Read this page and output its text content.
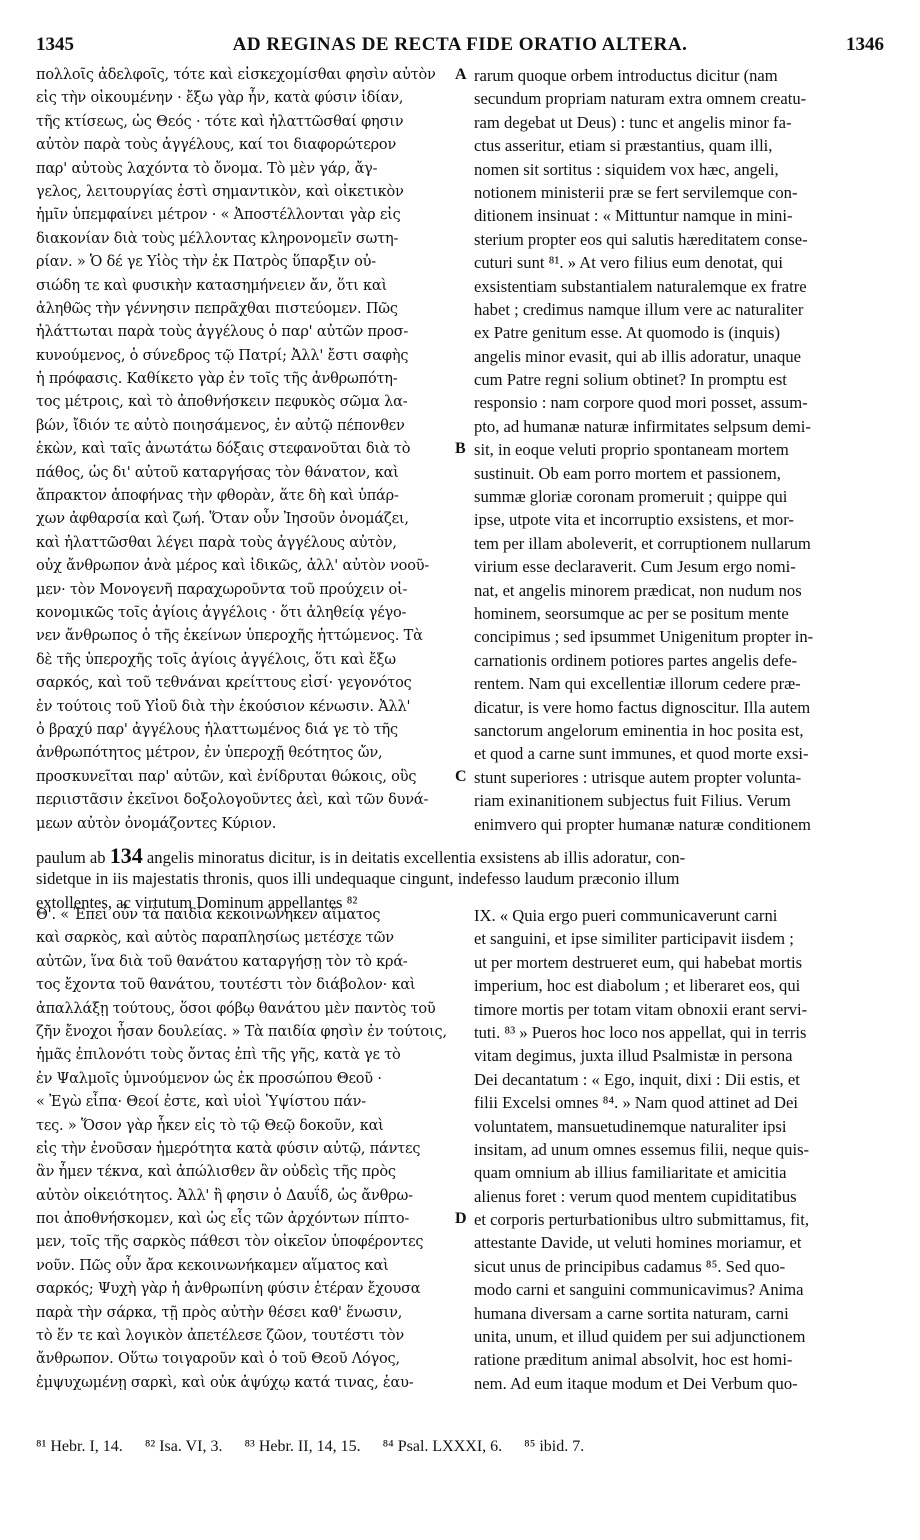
1345	AD REGINAS DE RECTA FIDE ORATIO ALTERA.	1346
πολλοῖς ἀδελφοῖς, τότε καὶ εἰσκεχομίσθαι φησὶν αὐτὸν
εἰς τὴν οἰκουμένην · ἔξω γὰρ ἦν, κατὰ φύσιν ἰδίαν,
τῆς κτίσεως, ὡς Θεός · τότε καὶ ἠλαττῶσθαί φησιν
αὐτὸν παρὰ τοὺς ἀγγέλους, καί τοι διαφορώτερον
παρ' αὐτοὺς λαχόντα τὸ ὄνομα. Τὸ μὲν γάρ, ἄγ-
γελος, λειτουργίας ἐστὶ σημαντικὸν, καὶ οἰκετικὸν
ἡμῖν ὑπεμφαίνει μέτρον · « Ἀποστέλλονται γὰρ εἰς
διακονίαν διὰ τοὺς μέλλοντας κληρονομεῖν σωτη-
ρίαν. » Ὁ δέ γε Υἱὸς τὴν ἐκ Πατρὸς ὕπαρξιν οὐ-
σιώδη τε καὶ φυσικὴν κατασημήνειεν ἄν, ὅτι καὶ
ἀληθῶς τὴν γέννησιν πεπρᾶχθαι πιστεύομεν. Πῶς
ἠλάττωται παρὰ τοὺς ἀγγέλους ὁ παρ' αὐτῶν προσ-
κυνούμενος, ὁ σύνεδρος τῷ Πατρί; Ἀλλ' ἔστι σαφὴς
ἡ πρόφασις. Καθίκετο γὰρ ἐν τοῖς τῆς ἀνθρωπότη-
τος μέτροις, καὶ τὸ ἀποθνήσκειν πεφυκὸς σῶμα λα-
βών, ἴδιόν τε αὐτὸ ποιησάμενος, ἐν αὐτῷ πέπονθεν
ἑκὼν, καὶ ταῖς ἀνωτάτω δόξαις στεφανοῦται διὰ τὸ
πάθος, ὡς δι' αὐτοῦ καταργήσας τὸν θάνατον, καὶ
ἄπρακτον ἀποφήνας τὴν φθορὰν, ἅτε δὴ καὶ ὑπάρ-
χων ἀφθαρσία καὶ ζωή. Ὅταν οὖν Ἰησοῦν ὀνομάζει,
καὶ ἠλαττῶσθαι λέγει παρὰ τοὺς ἀγγέλους αὐτὸν,
οὐχ ἄνθρωπον ἀνὰ μέρος καὶ ἰδικῶς, ἀλλ' αὐτὸν νοοῦ-
μεν· τὸν Μονογενῆ παραχωροῦντα τοῦ προύχειν οἰ-
κονομικῶς τοῖς ἁγίοις ἀγγέλοις · ὅτι ἀληθείᾳ γέγο-
νεν ἄνθρωπος ὁ τῆς ἐκείνων ὑπεροχῆς ἡττώμενος. Τὰ
δὲ τῆς ὑπεροχῆς τοῖς ἁγίοις ἀγγέλοις, ὅτι καὶ ἔξω
σαρκός, καὶ τοῦ τεθνάναι κρείττους εἰσί· γεγονότος
ἐν τούτοις τοῦ Υἱοῦ διὰ τὴν ἑκούσιον κένωσιν. Ἀλλ'
ὁ βραχύ παρ' ἀγγέλους ἠλαττωμένος διά γε τὸ τῆς
ἀνθρωπότητος μέτρον, ἐν ὑπεροχῇ θεότητος ὤν,
προσκυνεῖται παρ' αὐτῶν, καὶ ἐνίδρυται θώκοις, οὓς
περιιστᾶσιν ἐκεῖνοι δοξολογοῦντες ἀεὶ, καὶ τῶν δυνά-
μεων αὐτὸν ὀνομάζοντες Κύριον.
rarum quoque orbem introductus dicitur (nam
secundum propriam naturam extra omnem creatu-
ram degebat ut Deus) : tunc et angelis minor fa-
ctus asseritur, etiam si præstantius, quam illi,
nomen sit sortitus : siquidem vox hæc, angeli,
notionem ministerii præ se fert servilemque con-
ditionem insinuat : « Mittuntur namque in mini-
sterium propter eos qui salutis hæreditatem conse-
cuturi sunt ⁸¹. » At vero filius eum denotat, qui
exsistentiam substantialem naturalemque ex fratre
habet ; credimus namque illum vere ac naturaliter
ex Patre genitum esse. At quomodo is (inquis)
angelis minor evasit, qui ab illis adoratur, unaque
cum Patre regni solium obtinet? In promptu est
responsio : nam corpore quod mori posset, assum-
pto, ad humanæ naturæ infirmitates selpsum demi-
sit, in eoque veluti proprio spontaneam mortem
sustinuit. Ob eam porro mortem et passionem,
summæ gloriæ coronam promeruit ; quippe qui
ipse, utpote vita et incorruptio exsistens, et mor-
tem per illam aboleverit, et corruptionem nullarum
virium esse declaraverit. Cum Jesum ergo nomi-
nat, et angelis minorem prædicat, non nudum nos
hominem, seorsumque ac per se positum mente
concipimus ; sed ipsummet Unigenitum propter in-
carnationis ordinem potiores partes angelis defe-
rentem. Nam qui excellentiæ illorum cedere præ-
dicatur, is vere homo factus dignoscitur. Illa autem
sanctorum angelorum eminentia in hoc posita est,
et quod a carne sunt immunes, et quod morte exsi-
stunt superiores : utrisque autem propter volunta-
riam exinanitionem subjectus fuit Filius. Verum
enimvero qui propter humanæ naturæ conditionem
A
B
C
D
paulum ab 134 angelis minoratus dicitur, is in deitatis excellentia exsistens ab illis adoratur, con-
sidetque in iis majestatis thronis, quos illi undequaque cingunt, indefesso laudum præconio illum
extollentes, ac virtutum Dominum appellantes ⁸²
Θ'. « Ἐπεὶ οὖν τὰ παιδία κεκοινώνηκεν αἵματος
καὶ σαρκὸς, καὶ αὐτὸς παραπλησίως μετέσχε τῶν
αὐτῶν, ἵνα διὰ τοῦ θανάτου καταργήσῃ τὸν τὸ κρά-
τος ἔχοντα τοῦ θανάτου, τουτέστι τὸν διάβολον· καὶ
ἀπαλλάξῃ τούτους, ὅσοι φόβῳ θανάτου μὲν παντὸς τοῦ
ζῆν ἔνοχοι ἦσαν δουλείας. » Τὰ παιδία φησὶν ἐν τούτοις,
ἡμᾶς ἐπιλονότι τοὺς ὄντας ἐπὶ τῆς γῆς, κατὰ γε τὸ
ἐν Ψαλμοῖς ὑμνούμενον ὡς ἐκ προσώπου Θεοῦ ·
« Ἐγὼ εἶπα· Θεοί ἐστε, καὶ υἱοὶ Ὑψίστου πάν-
τες. » Ὅσον γὰρ ἧκεν εἰς τὸ τῷ Θεῷ δοκοῦν, καὶ
εἰς τὴν ἐνοῦσαν ἡμερότητα κατὰ φύσιν αὐτῷ, πάντες
ἂν ἦμεν τέκνα, καὶ ἀπώλισθεν ἂν οὐδεὶς τῆς πρὸς
αὐτὸν οἰκειότητος. Ἀλλ' ἢ φησιν ὁ Δαυΐδ, ὡς ἄνθρω-
ποι ἀποθνήσκομεν, καὶ ὡς εἷς τῶν ἀρχόντων πίπτο-
μεν, τοῖς τῆς σαρκὸς πάθεσι τὸν οἰκεῖον ὑποφέροντες
νοῦν. Πῶς οὖν ἄρα κεκοινωνήκαμεν αἵματος καὶ
σαρκός; Ψυχὴ γὰρ ἡ ἀνθρωπίνη φύσιν ἑτέραν ἔχουσα
παρὰ τὴν σάρκα, τῇ πρὸς αὐτὴν θέσει καθ' ἕνωσιν,
τὸ ἕν τε καὶ λογικὸν ἀπετέλεσε ζῶον, τουτέστι τὸν
ἄνθρωπον. Οὕτω τοιγαροῦν καὶ ὁ τοῦ Θεοῦ Λόγος,
ἐμψυχωμένῃ σαρκὶ, καὶ οὐκ ἀψύχῳ κατά τινας, ἑαυ-
IX. « Quia ergo pueri communicaverunt carni
et sanguini, et ipse similiter participavit iisdem ;
ut per mortem destrueret eum, qui habebat mortis
imperium, hoc est diabolum ; et liberaret eos, qui
timore mortis per totam vitam obnoxii erant servi-
tuti. ⁸³ » Pueros hoc loco nos appellat, qui in terris
vitam degimus, juxta illud Psalmistæ in persona
Dei decantatum : « Ego, inquit, dixi : Dii estis, et
filii Excelsi omnes ⁸⁴. » Nam quod attinet ad Dei
voluntatem, mansuetudinemque naturaliter ipsi
insitam, ad unum omnes essemus filii, neque quis-
quam omnium ab illius familiaritate et amicitia
alienus foret : verum quod mentem cupiditatibus
et corporis perturbationibus ultro submittamus, fit,
attestante Davide, ut veluti homines moriamur, et
sicut unus de principibus cadamus ⁸⁵. Sed quo-
modo carni et sanguini communicavimus? Anima
humana diversam a carne sortita naturam, carni
unita, unum, et illud quidem per sui adjunctionem
ratione præditum animal absolvit, hoc est homi-
nem. Ad eum itaque modum et Dei Verbum quo-
⁸¹ Hebr. I, 14. ⁸² Isa. VI, 3. ⁸³ Hebr. II, 14, 15. ⁸⁴ Psal. LXXXI, 6. ⁸⁵ ibid. 7.
